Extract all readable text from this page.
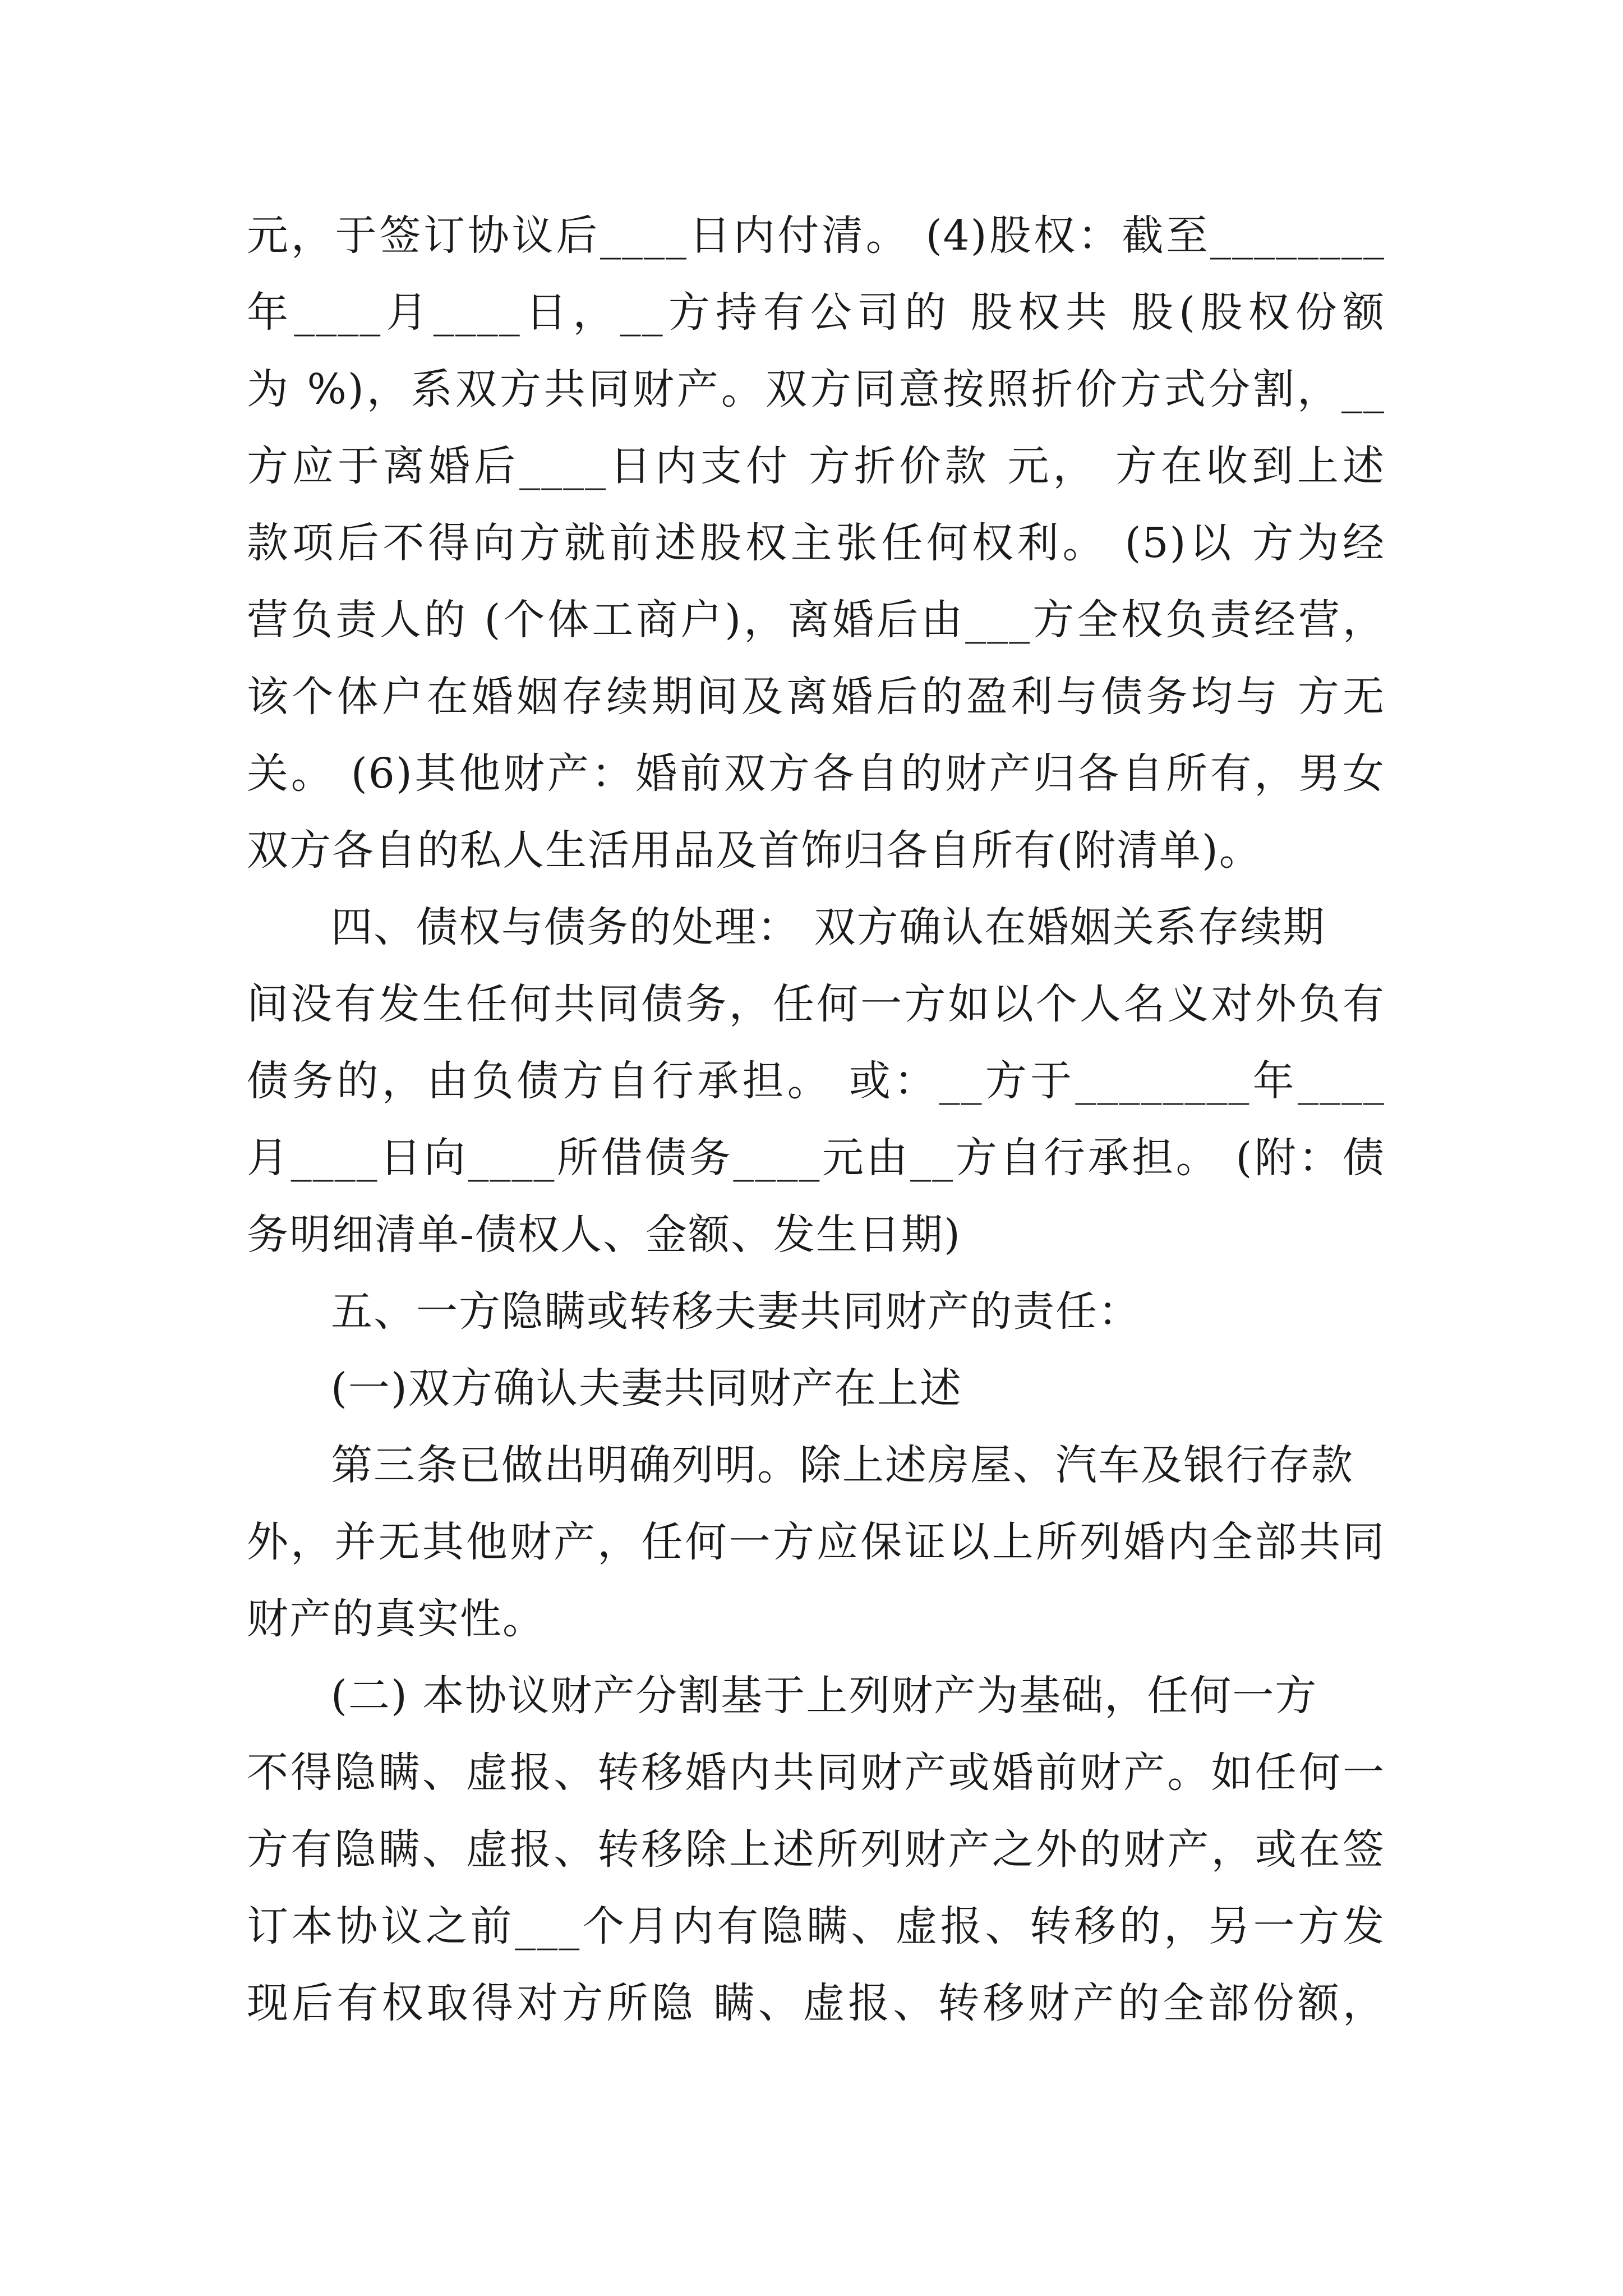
元，于签订协议后____日内付清。 (4)股权：截至________
年____月____日，__方持有公司的 股权共 股(股权份额
为 %)，系双方共同财产。双方同意按照折价方式分割，__
方应于离婚后____日内支付 方折价款 元， 方在收到上述
款项后不得向方就前述股权主张任何权利。 (5)以 方为经
营负责人的 (个体工商户)，离婚后由___方全权负责经营，
该个体户在婚姻存续期间及离婚后的盈利与债务均与 方无
关。 (6)其他财产：婚前双方各自的财产归各自所有，男女
双方各自的私人生活用品及首饰归各自所有(附清单)。
四、债权与债务的处理： 双方确认在婚姻关系存续期
间没有发生任何共同债务，任何一方如以个人名义对外负有
债务的，由负债方自行承担。 或：__方于________年____
月____日向____所借债务____元由__方自行承担。 (附：债
务明细清单-债权人、金额、发生日期)
五、一方隐瞒或转移夫妻共同财产的责任：
(一)双方确认夫妻共同财产在上述
第三条已做出明确列明。除上述房屋、汽车及银行存款
外，并无其他财产，任何一方应保证以上所列婚内全部共同
财产的真实性。
(二) 本协议财产分割基于上列财产为基础，任何一方
不得隐瞒、虚报、转移婚内共同财产或婚前财产。如任何一
方有隐瞒、虚报、转移除上述所列财产之外的财产，或在签
订本协议之前___个月内有隐瞒、虚报、转移的，另一方发
现后有权取得对方所隐 瞒、虚报、转移财产的全部份额，
